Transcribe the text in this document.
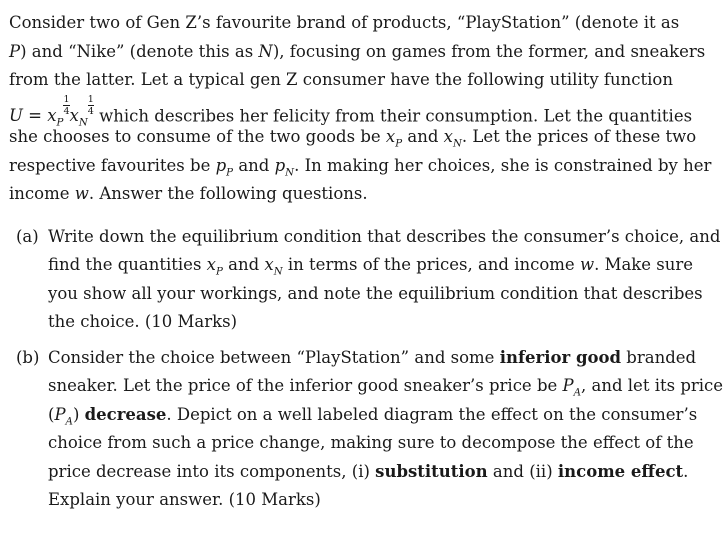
Consider two of Gen Z’s favourite brand of products, “PlayStation” (denote it as
P) and “Nike” (denote this as N), focusing on games from the former, and sneakers
from the latter. Let a typical gen Z consumer have the following utility function
$U = x_P$
$\frac{1}{4} x_N$
$\frac{1}{4}$ which describes her felicity from their consumption. Let the quantities
she chooses to consume of the two goods be $x_P$ and $x_N$. Let the prices of these two
respective favourites be $p_P$ and $p_N$. In making her choices, she is constrained by her
income w. Answer the following questions.
(a) Write down the equilibrium condition that describes the consumer’s choice, and
find the quantities $x_P$ and $x_N$ in terms of the prices, and income w. Make sure
you show all your workings, and note the equilibrium condition that describes
the choice. (10 Marks)
(b) Consider the choice between “PlayStation” and some inferior good branded
sneaker. Let the price of the inferior good sneaker’s price be $P_A$, and let its price
$(P_A)$ decrease. Depict on a well labeled diagram the effect on the consumer’s
choice from such a price change, making sure to decompose the effect of the
price decrease into its components, (i) substitution and (ii) income effect.
Explain your answer. (10 Marks)
